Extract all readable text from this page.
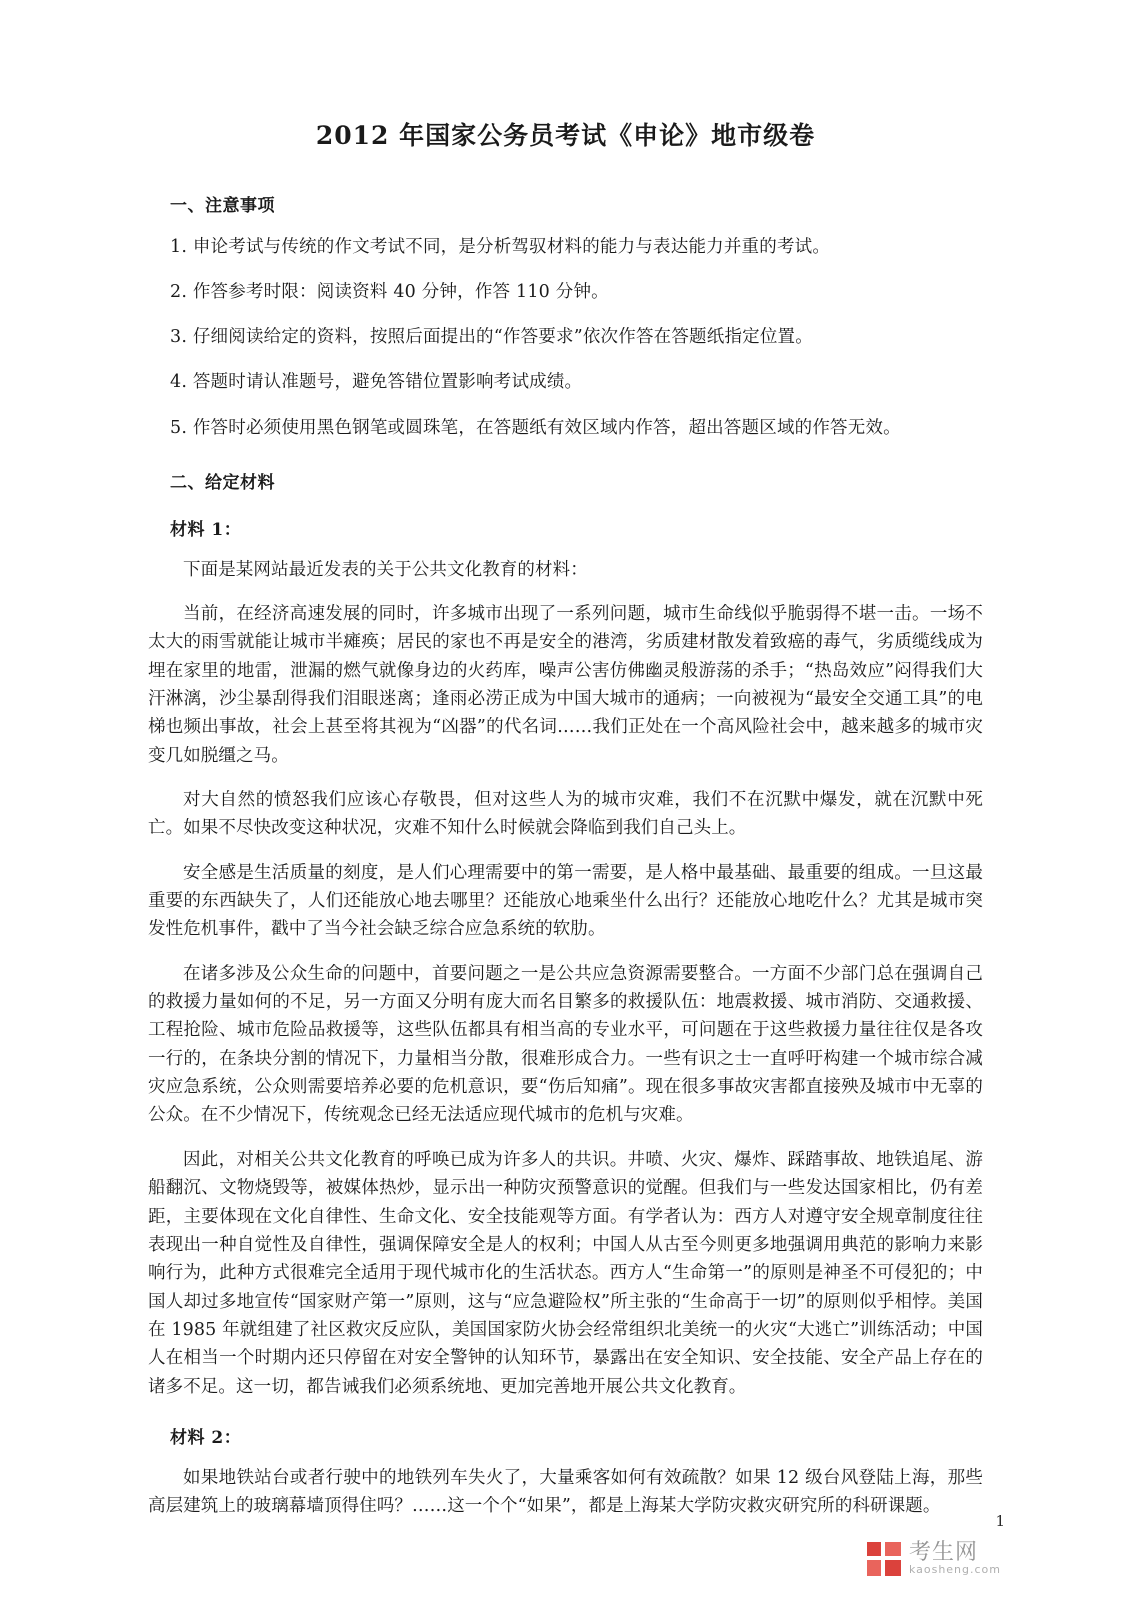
2012 年国家公务员考试《申论》地市级卷
一、注意事项
1. 申论考试与传统的作文考试不同，是分析驾驭材料的能力与表达能力并重的考试。
2. 作答参考时限：阅读资料 40 分钟，作答 110 分钟。
3. 仔细阅读给定的资料，按照后面提出的“作答要求”依次作答在答题纸指定位置。
4. 答题时请认准题号，避免答错位置影响考试成绩。
5. 作答时必须使用黑色钢笔或圆珠笔，在答题纸有效区域内作答，超出答题区域的作答无效。
二、给定材料
材料 1：

下面是某网站最近发表的关于公共文化教育的材料：

当前，在经济高速发展的同时，许多城市出现了一系列问题，城市生命线似乎脆弱得不堪一击。一场不太大的雨雪就能让城市半瘫痪；居民的家也不再是安全的港湾，劣质建材散发着致癌的毒气，劣质缆线成为埋在家里的地雷，泄漏的燃气就像身边的火药库，噪声公害仿佛幽灵般游荡的杀手；“热岛效应”闷得我们大汗淋漓，沙尘暴刮得我们泪眼迷离；逢雨必涝正成为中国大城市的通病；一向被视为“最安全交通工具”的电梯也频出事故，社会上甚至将其视为“凶器”的代名词……我们正处在一个高风险社会中，越来越多的城市灾变几如脱缰之马。

对大自然的愤怒我们应该心存敬畏，但对这些人为的城市灾难，我们不在沉默中爆发，就在沉默中死亡。如果不尽快改变这种状况，灾难不知什么时候就会降临到我们自己头上。

安全感是生活质量的刻度，是人们心理需要中的第一需要，是人格中最基础、最重要的组成。一旦这最重要的东西缺失了，人们还能放心地去哪里？还能放心地乘坐什么出行？还能放心地吃什么？尤其是城市突发性危机事件，戳中了当今社会缺乏综合应急系统的软肋。

在诸多涉及公众生命的问题中，首要问题之一是公共应急资源需要整合。一方面不少部门总在强调自己的救援力量如何的不足，另一方面又分明有庞大而名目繁多的救援队伍：地震救援、城市消防、交通救援、工程抢险、城市危险品救援等，这些队伍都具有相当高的专业水平，可问题在于这些救援力量往往仅是各攻一行的，在条块分割的情况下，力量相当分散，很难形成合力。一些有识之士一直呼吁构建一个城市综合减灾应急系统，公众则需要培养必要的危机意识，要“伤后知痛”。现在很多事故灾害都直接殃及城市中无辜的公众。在不少情况下，传统观念已经无法适应现代城市的危机与灾难。

因此，对相关公共文化教育的呼唤已成为许多人的共识。井喷、火灾、爆炸、踩踏事故、地铁追尾、游船翻沉、文物烧毁等，被媒体热炒，显示出一种防灾预警意识的觉醒。但我们与一些发达国家相比，仍有差距，主要体现在文化自律性、生命文化、安全技能观等方面。有学者认为：西方人对遵守安全规章制度往往表现出一种自觉性及自律性，强调保障安全是人的权利；中国人从古至今则更多地强调用典范的影响力来影响行为，此种方式很难完全适用于现代城市化的生活状态。西方人“生命第一”的原则是神圣不可侵犯的；中国人却过多地宣传“国家财产第一”原则，这与“应急避险权”所主张的“生命高于一切”的原则似乎相悖。美国在 1985 年就组建了社区救灾反应队，美国国家防火协会经常组织北美统一的火灾“大逃亡”训练活动；中国人在相当一个时期内还只停留在对安全警钟的认知环节，暴露出在安全知识、安全技能、安全产品上存在的诸多不足。这一切，都告诫我们必须系统地、更加完善地开展公共文化教育。

材料 2：

如果地铁站台或者行驶中的地铁列车失火了，大量乘客如何有效疏散？如果 12 级台风登陆上海，那些高层建筑上的玻璃幕墙顶得住吗？……这一个个“如果”，都是上海某大学防灾救灾研究所的科研课题。

1
考生网
kaosheng.com
